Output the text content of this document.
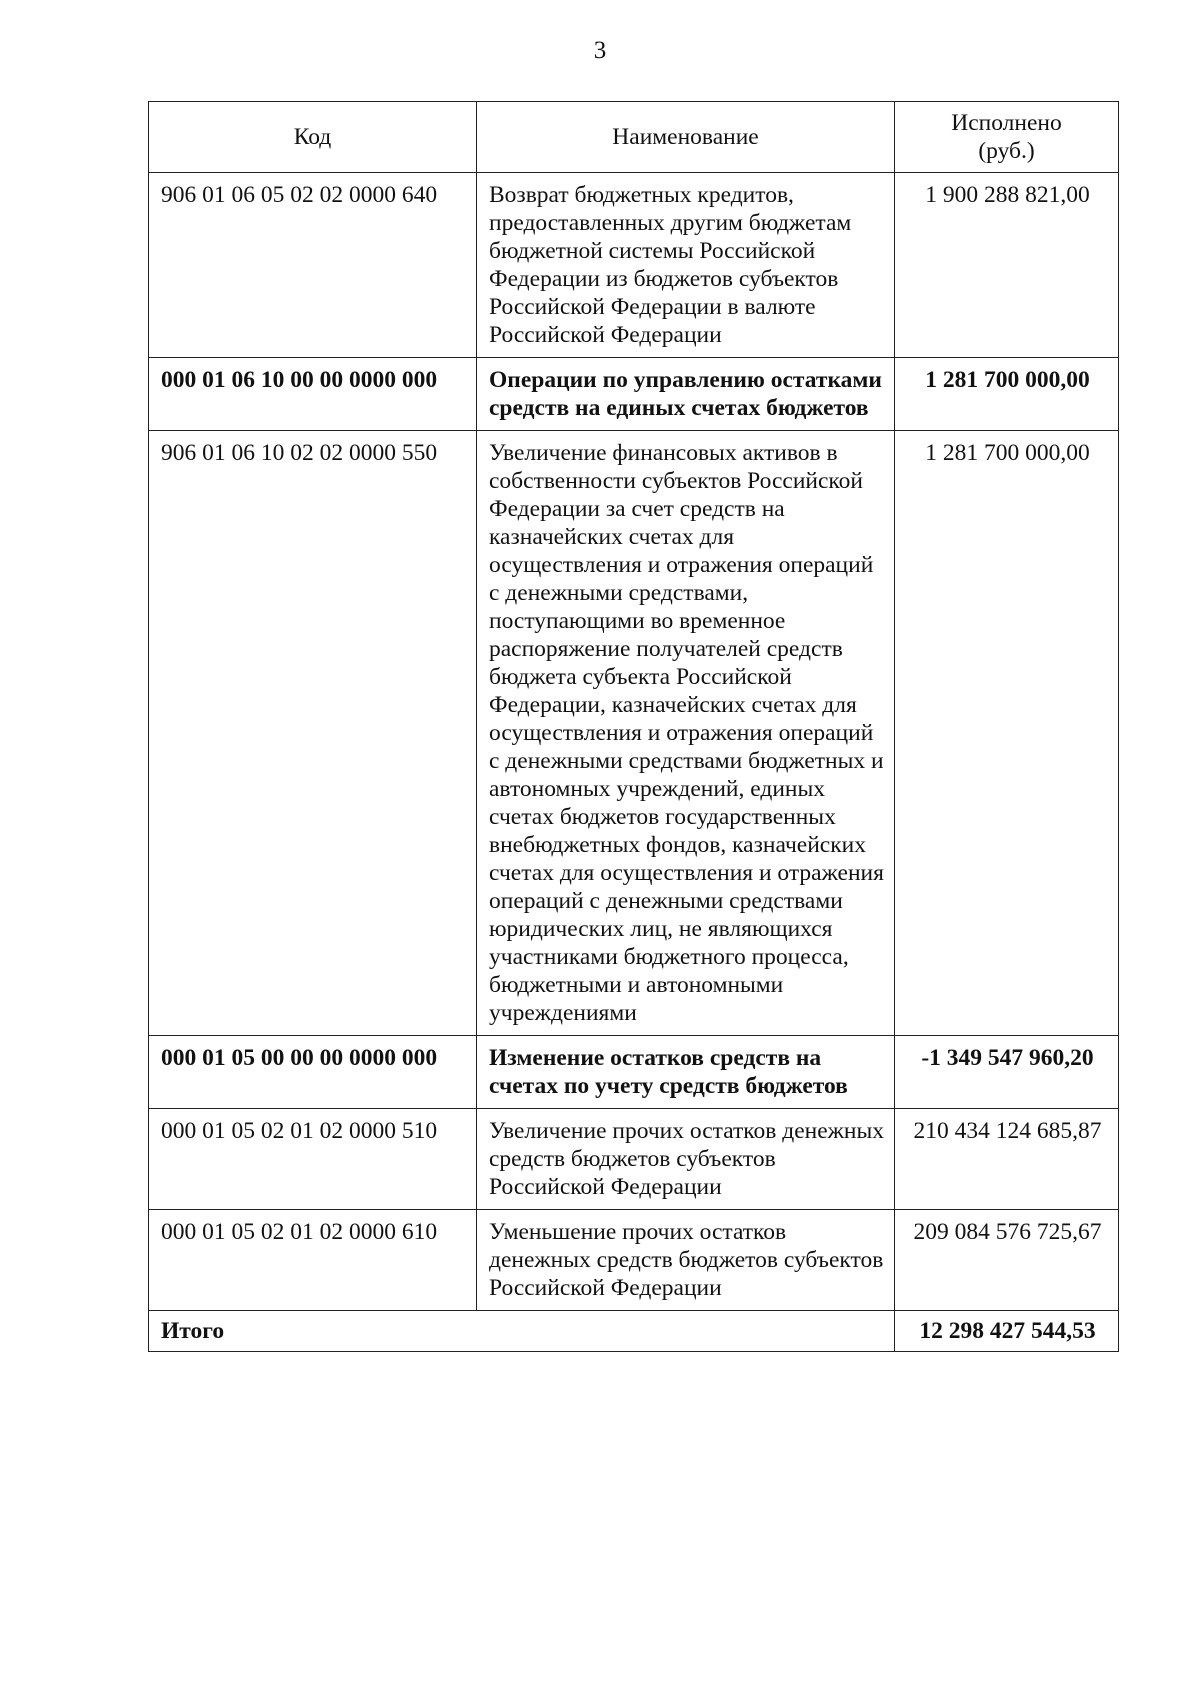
3
Код	Наименование	Исполнено
(руб.)
906 01 06 05 02 02 0000 640	Возврат бюджетных кредитов, предоставленных другим бюджетам бюджетной системы Российской Федерации из бюджетов субъектов Российской Федерации в валюте Российской Федерации	1 900 288 821,00
000 01 06 10 00 00 0000 000	Операции по управлению остатками средств на единых счетах бюджетов	1 281 700 000,00
906 01 06 10 02 02 0000 550	Увеличение финансовых активов в собственности субъектов Российской Федерации за счет средств на казначейских счетах для осуществления и отражения операций с денежными средствами, поступающими во временное распоряжение получателей средств бюджета субъекта Российской Федерации, казначейских счетах для осуществления и отражения операций с денежными средствами бюджетных и автономных учреждений, единых счетах бюджетов государственных внебюджетных фондов, казначейских счетах для осуществления и отражения операций с денежными средствами юридических лиц, не являющихся участниками бюджетного процесса, бюджетными и автономными учреждениями	1 281 700 000,00
000 01 05 00 00 00 0000 000	Изменение остатков средств на счетах по учету средств бюджетов	-1 349 547 960,20
000 01 05 02 01 02 0000 510	Увеличение прочих остатков денежных средств бюджетов субъектов Российской Федерации	210 434 124 685,87
000 01 05 02 01 02 0000 610	Уменьшение прочих остатков денежных средств бюджетов субъектов Российской Федерации	209 084 576 725,67
Итого		12 298 427 544,53
